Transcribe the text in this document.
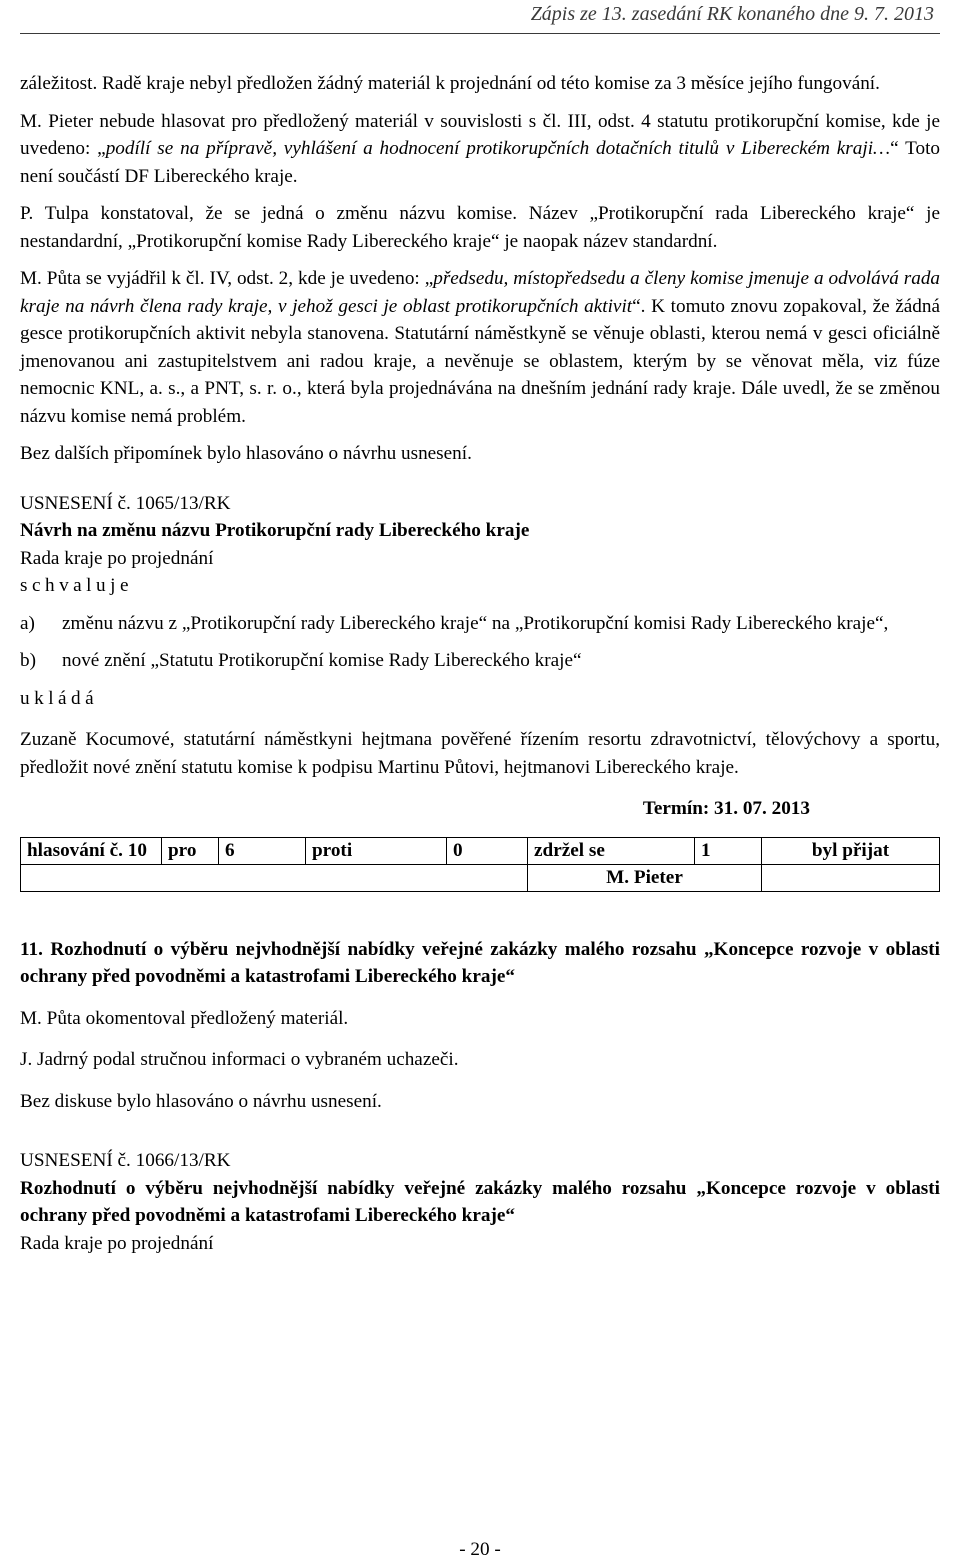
Zápis ze 13. zasedání RK konaného dne 9. 7. 2013

záležitost. Radě kraje nebyl předložen žádný materiál k projednání od této komise za 3 měsíce jejího fungování.

M. Pieter nebude hlasovat pro předložený materiál v souvislosti s čl. III, odst. 4 statutu protikorupční komise, kde je uvedeno: „podílí se na přípravě, vyhlášení a hodnocení protikorupčních dotačních titulů v Libereckém kraji…“ Toto není součástí DF Libereckého kraje.

P. Tulpa konstatoval, že se jedná o změnu názvu komise. Název „Protikorupční rada Libereckého kraje“ je nestandardní, „Protikorupční komise Rady Libereckého kraje“ je naopak název standardní.

M. Půta se vyjádřil k čl. IV, odst. 2, kde je uvedeno: „předsedu, místopředsedu a členy komise jmenuje a odvolává rada kraje na návrh člena rady kraje, v jehož gesci je oblast protikorupčních aktivit“. K tomuto znovu zopakoval, že žádná gesce protikorupčních aktivit nebyla stanovena. Statutární náměstkyně se věnuje oblasti, kterou nemá v gesci oficiálně jmenovanou ani zastupitelstvem ani radou kraje, a nevěnuje se oblastem, kterým by se věnovat měla, viz fúze nemocnic KNL, a. s., a PNT, s. r. o., která byla projednávána na dnešním jednání rady kraje. Dále uvedl, že se změnou názvu komise nemá problém.

Bez dalších připomínek bylo hlasováno o návrhu usnesení.

USNESENÍ č. 1065/13/RK

Návrh na změnu názvu Protikorupční rady Libereckého kraje

Rada kraje po projednání

schvaluje

a)	změnu názvu z „Protikorupční rady Libereckého kraje“ na „Protikorupční komisi Rady Libereckého kraje“,
b)	nové znění „Statutu Protikorupční komise Rady Libereckého kraje“

ukládá

Zuzaně Kocumové, statutární náměstkyni hejtmana pověřené řízením resortu zdravotnictví, tělovýchovy a sportu, předložit nové znění statutu komise k podpisu Martinu Půtovi, hejtmanovi Libereckého kraje.

Termín: 31. 07. 2013

hlasování č. 10	pro	6	proti	0	zdržel se	1	byl přijat
					M. Pieter		

11. Rozhodnutí o výběru nejvhodnější nabídky veřejné zakázky malého rozsahu „Koncepce rozvoje v oblasti ochrany před povodněmi a katastrofami Libereckého kraje“

M. Půta okomentoval předložený materiál.

J. Jadrný podal stručnou informaci o vybraném uchazeči.

Bez diskuse bylo hlasováno o návrhu usnesení.

USNESENÍ č. 1066/13/RK

Rozhodnutí o výběru nejvhodnější nabídky veřejné zakázky malého rozsahu „Koncepce rozvoje v oblasti ochrany před povodněmi a katastrofami Libereckého kraje“

Rada kraje po projednání

- 20 -
